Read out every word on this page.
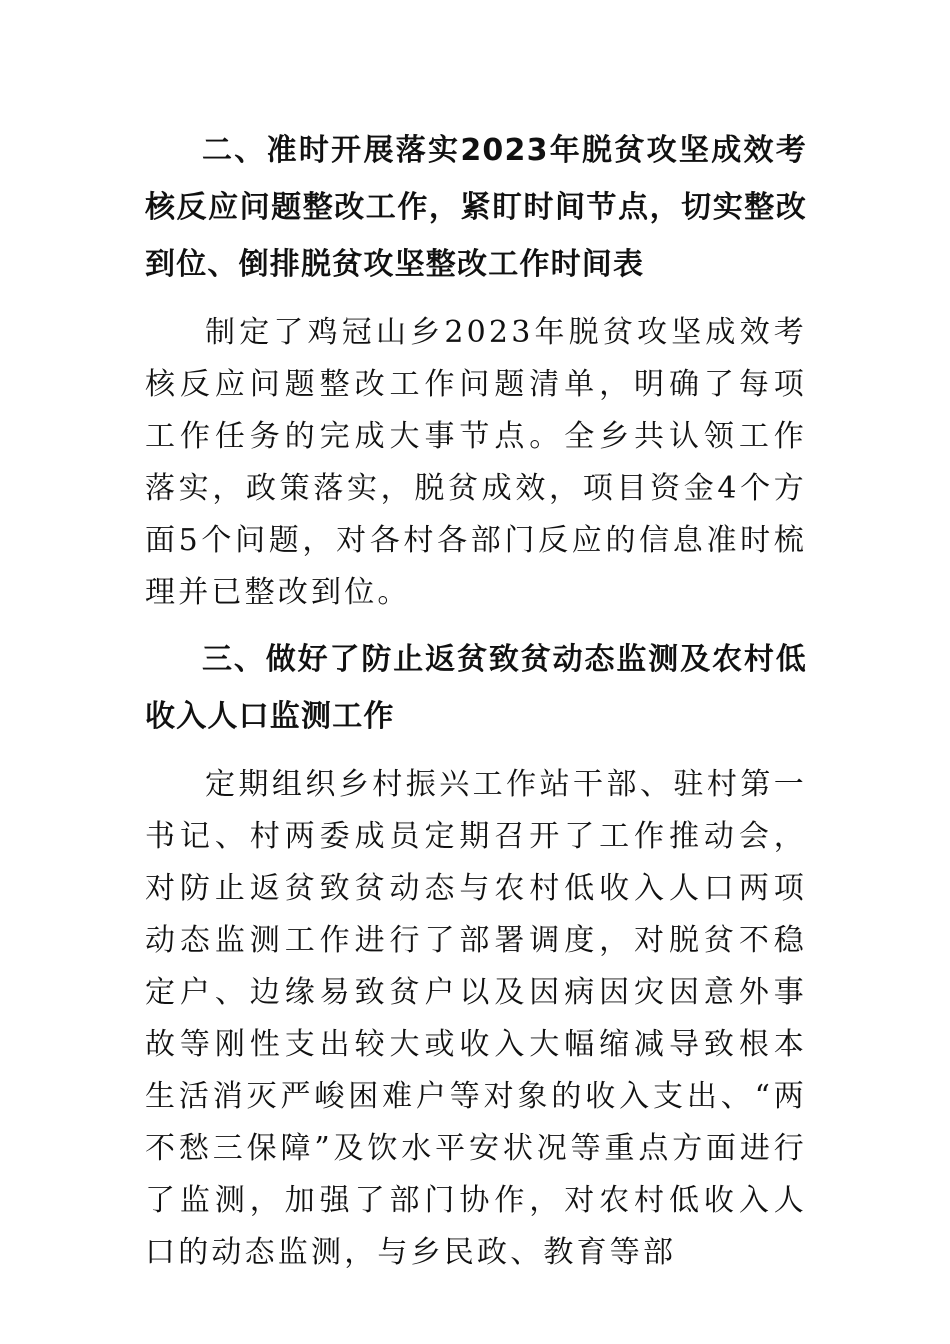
二、准时开展落实2023年脱贫攻坚成效考核反应问题整改工作，紧盯时间节点，切实整改到位、倒排脱贫攻坚整改工作时间表

制定了鸡冠山乡2023年脱贫攻坚成效考核反应问题整改工作问题清单，明确了每项工作任务的完成大事节点。全乡共认领工作落实，政策落实，脱贫成效，项目资金4个方面5个问题，对各村各部门反应的信息准时梳理并已整改到位。

三、做好了防止返贫致贫动态监测及农村低收入人口监测工作

定期组织乡村振兴工作站干部、驻村第一书记、村两委成员定期召开了工作推动会，对防止返贫致贫动态与农村低收入人口两项动态监测工作进行了部署调度，对脱贫不稳定户、边缘易致贫户以及因病因灾因意外事故等刚性支出较大或收入大幅缩减导致根本生活消灭严峻困难户等对象的收入支出、“两不愁三保障”及饮水平安状况等重点方面进行了监测，加强了部门协作，对农村低收入人口的动态监测，与乡民政、教育等部
